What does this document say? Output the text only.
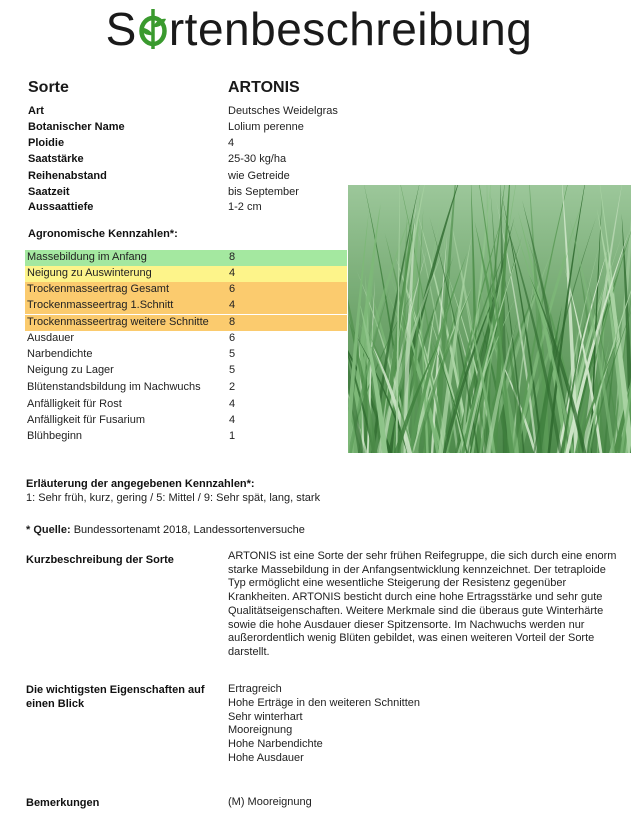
S rtenbeschreibung
Sorte	ARTONIS
Art	Deutsches Weidelgras
Botanischer Name	Lolium perenne
Ploidie	4
Saatstärke	25-30 kg/ha
Reihenabstand	wie Getreide
Saatzeit	bis September
Aussaattiefe	1-2 cm
Agronomische Kennzahlen*:
Massebildung im Anfang	8
Neigung zu Auswinterung	4
Trockenmasseertrag Gesamt	6
Trockenmasseertrag 1.Schnitt	4
Trockenmasseertrag weitere Schnitte 8
Ausdauer	6
Narbendichte	5
Neigung zu Lager	5
Blütenstandsbildung im Nachwuchs	2
Anfälligkeit für Rost	4
Anfälligkeit für Fusarium	4
Blühbeginn	1
Erläuterung der angegebenen Kennzahlen*:
1: Sehr früh, kurz, gering / 5: Mittel / 9: Sehr spät, lang, stark
* Quelle: Bundessortenamt 2018, Landessortenversuche
Kurzbeschreibung der Sorte	ARTONIS ist eine Sorte der sehr frühen Reifegruppe, die sich durch eine enorm
starke Massebildung in der Anfangsentwicklung kennzeichnet. Der tetraploide
Typ ermöglicht eine wesentliche Steigerung der Resistenz gegenüber
Krankheiten. ARTONIS besticht durch eine hohe Ertragsstärke und sehr gute
Qualitätseigenschaften. Weitere Merkmale sind die überaus gute Winterhärte
sowie die hohe Ausdauer dieser Spitzensorte. Im Nachwuchs werden nur
außerordentlich wenig Blüten gebildet, was einen weiteren Vorteil der Sorte
darstellt.
Die wichtigsten Eigenschaften auf
einen Blick
Ertragreich
Hohe Erträge in den weiteren Schnitten
Sehr winterhart
Mooreignung
Hohe Narbendichte
Hohe Ausdauer
Bemerkungen	(M) Mooreignung
